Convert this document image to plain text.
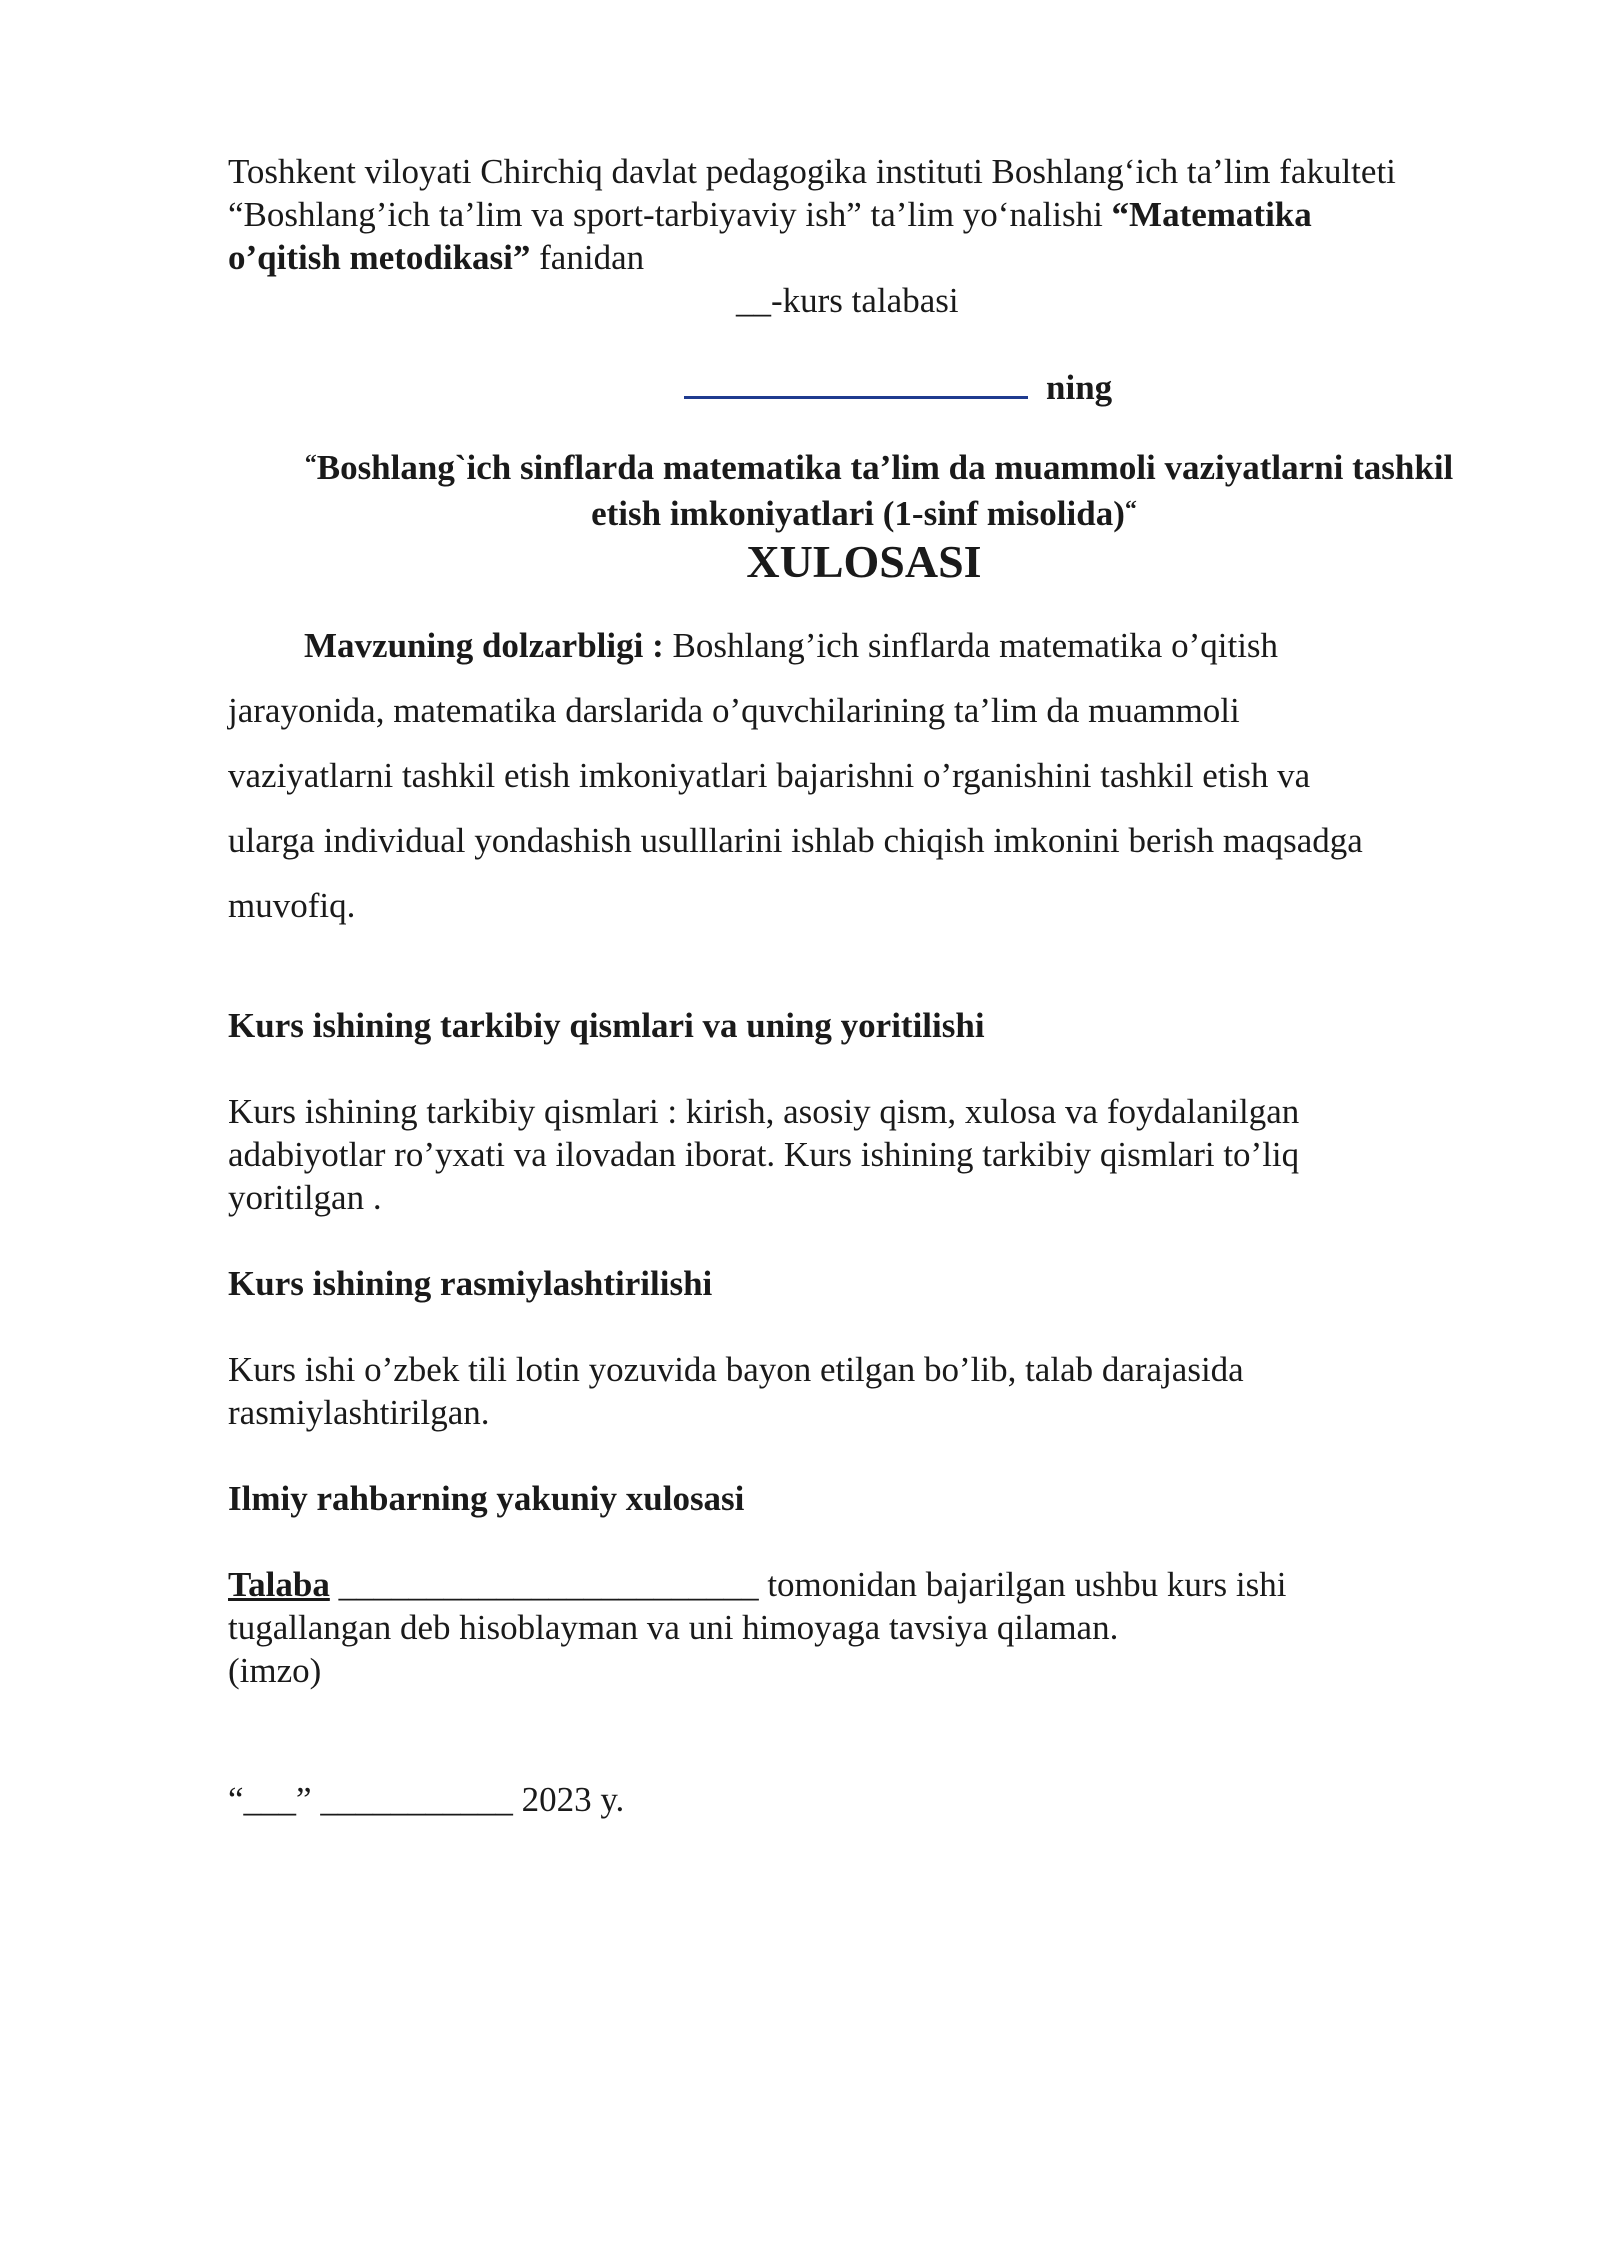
Toshkent viloyati Chirchiq davlat pedagogika instituti Boshlang‘ich ta’lim fakulteti
“Boshlang’ich ta’lim va sport-tarbiyaviy ish” ta’lim yo‘nalishi “Matematika
o’qitish metodikasi” fanidan
__-kurs talabasi
ning
“Boshlang`ich sinflarda matematika ta’lim da muammoli vaziyatlarni tashkil
etish imkoniyatlari (1-sinf misolida)“
XULOSASI
Mavzuning dolzarbligi : Boshlang’ich sinflarda matematika o’qitish
jarayonida, matematika darslarida o’quvchilarining ta’lim da muammoli
vaziyatlarni tashkil etish imkoniyatlari bajarishni o’rganishini tashkil etish va
ularga individual yondashish usulllarini ishlab chiqish imkonini berish maqsadga
muvofiq.
Kurs ishining tarkibiy qismlari va uning yoritilishi
Kurs ishining tarkibiy qismlari : kirish, asosiy qism, xulosa va foydalanilgan
adabiyotlar ro’yxati va ilovadan iborat. Kurs ishining tarkibiy qismlari to’liq
yoritilgan .
Kurs ishining rasmiylashtirilishi
Kurs ishi o’zbek tili lotin yozuvida bayon etilgan bo’lib, talab darajasida
rasmiylashtirilgan.
Ilmiy rahbarning yakuniy xulosasi
Talaba ________________________ tomonidan bajarilgan ushbu kurs ishi
tugallangan deb hisoblayman va uni himoyaga tavsiya qilaman.
(imzo)
“___” ___________ 2023 y.
